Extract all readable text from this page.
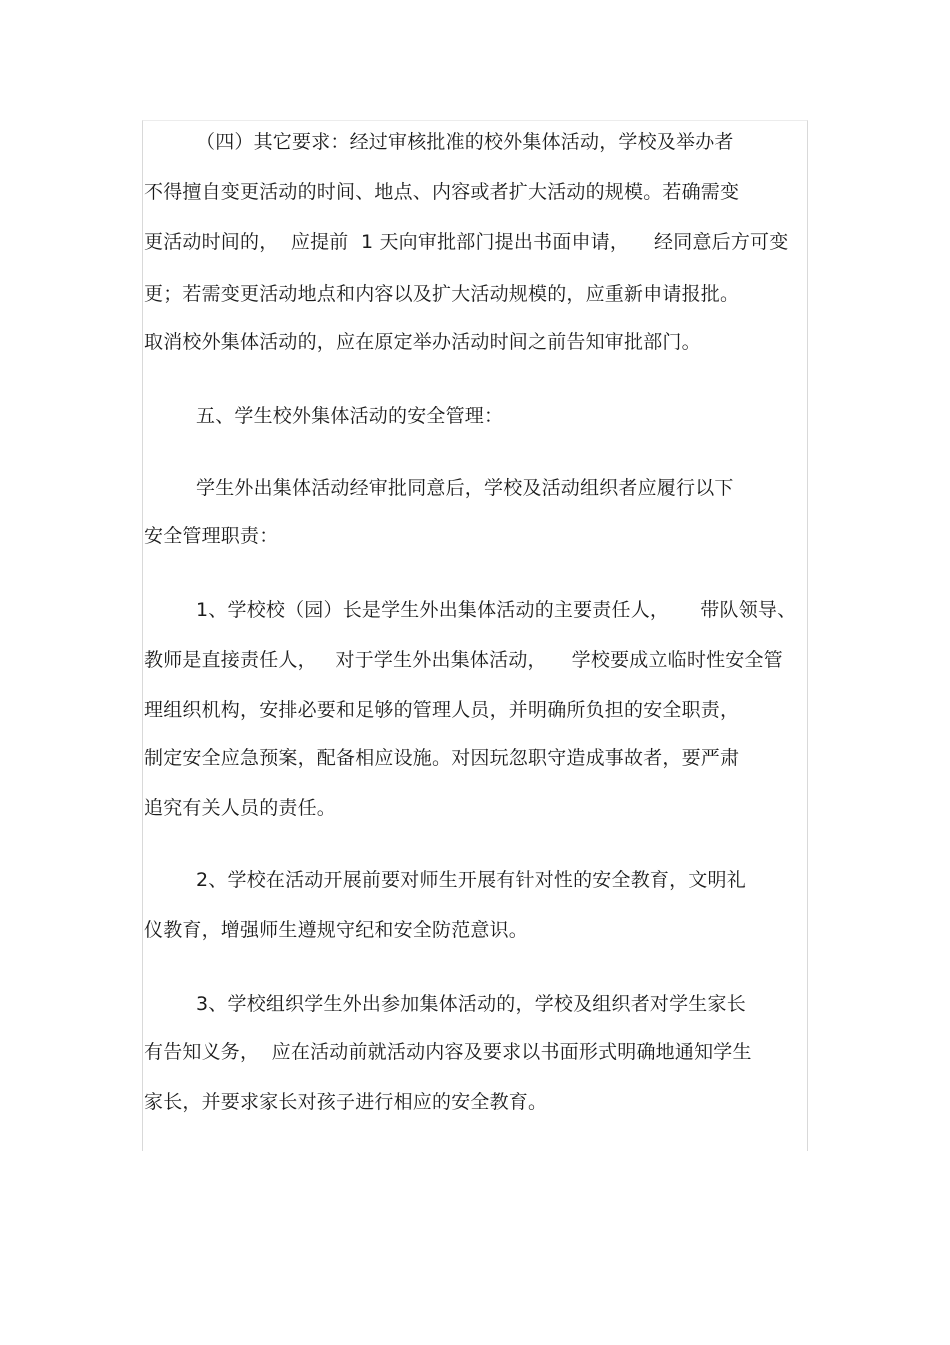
（四）其它要求：经过审核批准的校外集体活动，学校及举办者
不得擅自变更活动的时间、地点、内容或者扩大活动的规模。若确需变
更活动时间的，  应提前  1 天向审批部门提出书面申请，    经同意后方可变
更；若需变更活动地点和内容以及扩大活动规模的，应重新申请报批。
取消校外集体活动的，应在原定举办活动时间之前告知审批部门。
五、学生校外集体活动的安全管理：
学生外出集体活动经审批同意后，学校及活动组织者应履行以下
安全管理职责：
1、学校校（园）长是学生外出集体活动的主要责任人，     带队领导、
教师是直接责任人，   对于学生外出集体活动，    学校要成立临时性安全管
理组织机构，安排必要和足够的管理人员，并明确所负担的安全职责，
制定安全应急预案，配备相应设施。对因玩忽职守造成事故者，要严肃
追究有关人员的责任。
2、学校在活动开展前要对师生开展有针对性的安全教育，文明礼
仪教育，增强师生遵规守纪和安全防范意识。
3、学校组织学生外出参加集体活动的，学校及组织者对学生家长
有告知义务，  应在活动前就活动内容及要求以书面形式明确地通知学生
家长，并要求家长对孩子进行相应的安全教育。
